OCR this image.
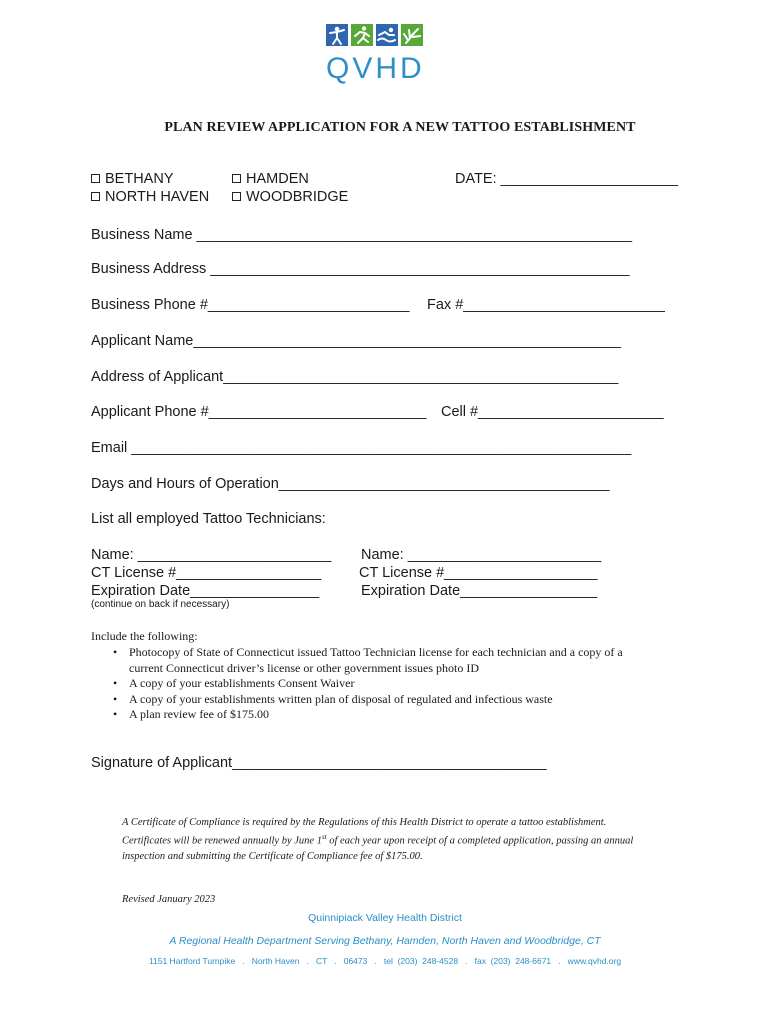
QVHD
PLAN REVIEW APPLICATION FOR A NEW TATTOO ESTABLISHMENT
BETHANY	HAMDEN
NORTH HAVEN	WOODBRIDGE
DATE: ______________________
Business Name ______________________________________________________
Business Address ____________________________________________________
Business Phone #_________________________ Fax #_________________________
Applicant Name_____________________________________________________
Address of Applicant_________________________________________________
Applicant Phone #___________________________ Cell #_______________________
Email ______________________________________________________________
Days and Hours of Operation_________________________________________
List all employed Tattoo Technicians:
Name: ________________________
CT License #__________________
Expiration Date________________
Name: ________________________
CT License #___________________
Expiration Date_________________
(continue on back if necessary)
Include the following:
• Photocopy of State of Connecticut issued Tattoo Technician license for each technician and a copy of a
current Connecticut driver’s license or other government issues photo ID
• A copy of your establishments Consent Waiver
• A copy of your establishments written plan of disposal of regulated and infectious waste
• A plan review fee of $175.00
Signature of Applicant_______________________________________
A Certificate of Compliance is required by the Regulations of this Health District to operate a tattoo establishment.
Certificates will be renewed annually by June 1st of each year upon receipt of a completed application, passing an annual
inspection and submitting the Certificate of Compliance fee of $175.00.
Revised January 2023
Quinnipiack Valley Health District
A Regional Health Department Serving Bethany, Hamden, North Haven and Woodbridge, CT
1151 Hartford Turnpike   .   North Haven   .   CT   .   06473   .   tel  (203)  248-4528   .   fax  (203)  248-6671   .   www.qvhd.org
